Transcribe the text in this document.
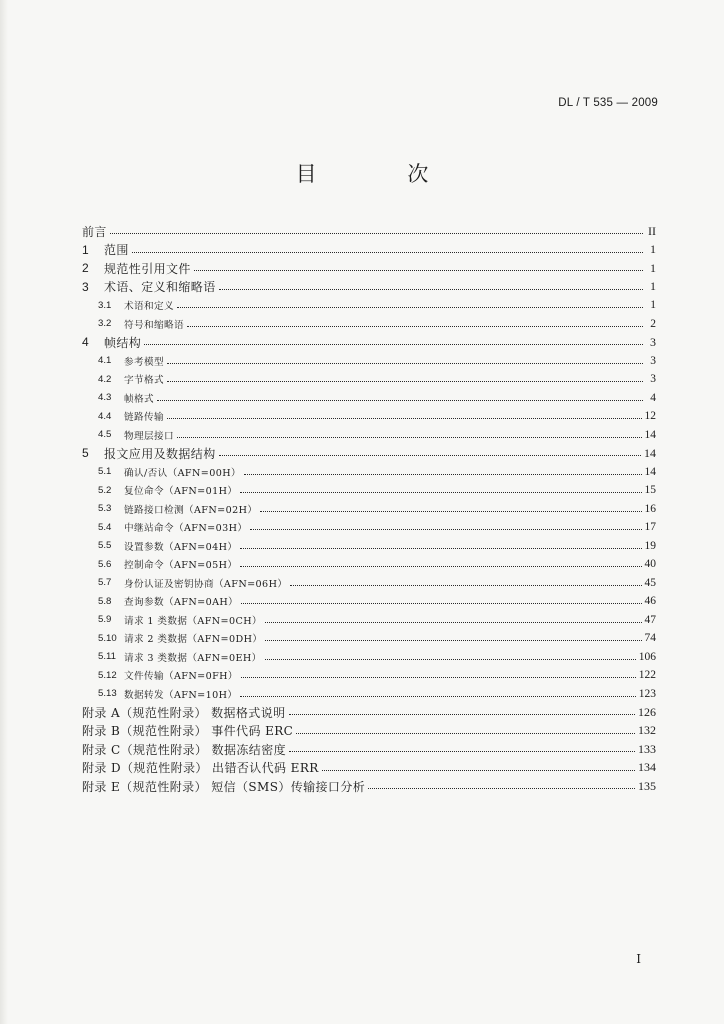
DL / T 535 — 2009
目 次
前言	II
1	范围	1
2	规范性引用文件	1
3	术语、定义和缩略语	1
3.1	术语和定义	1
3.2	符号和缩略语	2
4	帧结构	3
4.1	参考模型	3
4.2	字节格式	3
4.3	帧格式	4
4.4	链路传输	12
4.5	物理层接口	14
5	报文应用及数据结构	14
5.1	确认/否认（AFN=00H）	14
5.2	复位命令（AFN=01H）	15
5.3	链路接口检测（AFN=02H）	16
5.4	中继站命令（AFN=03H）	17
5.5	设置参数（AFN=04H）	19
5.6	控制命令（AFN=05H）	40
5.7	身份认证及密钥协商（AFN=06H）	45
5.8	查询参数（AFN=0AH）	46
5.9	请求 1 类数据（AFN=0CH）	47
5.10 请求 2 类数据（AFN=0DH）	74
5.11 请求 3 类数据（AFN=0EH）	106
5.12 文件传输（AFN=0FH）	122
5.13 数据转发（AFN=10H）	123
附录 A（规范性附录） 数据格式说明	126
附录 B（规范性附录） 事件代码 ERC	132
附录 C（规范性附录） 数据冻结密度	133
附录 D（规范性附录） 出错否认代码 ERR	134
附录 E（规范性附录） 短信（SMS）传输接口分析	135
I
